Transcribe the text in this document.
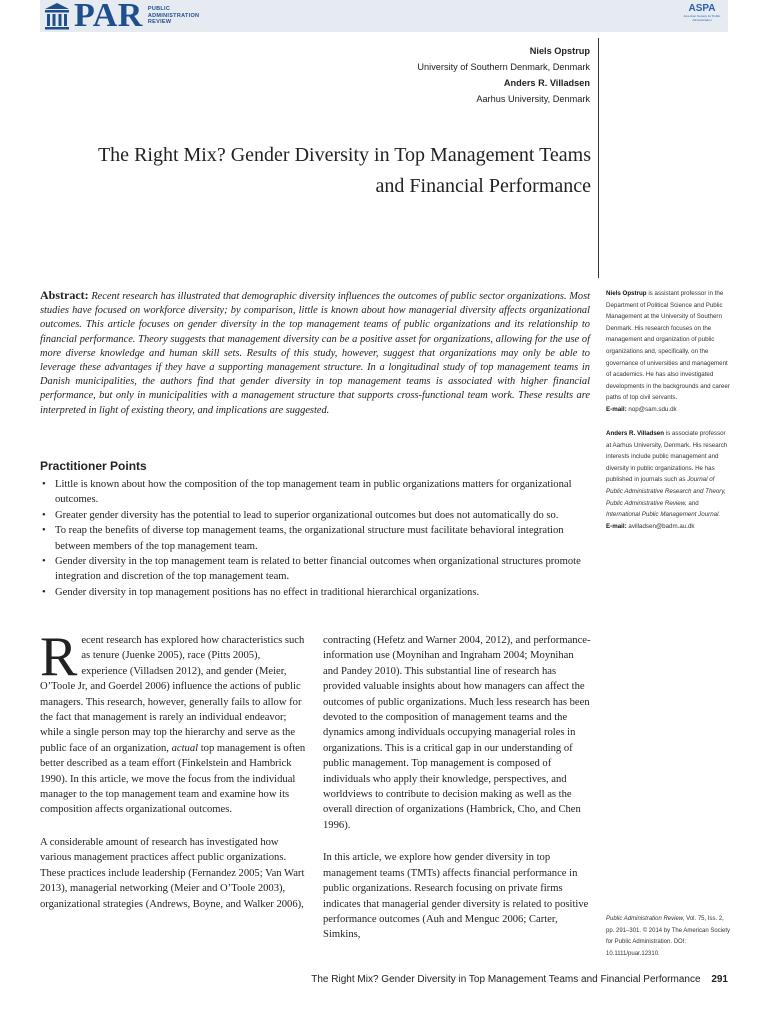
PAR PUBLIC
ADMINISTRATION
REVIEW
ASPA
American Society for Public Administration
Niels Opstrup
University of Southern Denmark, Denmark
Anders R. Villadsen
Aarhus University, Denmark
The Right Mix? Gender Diversity in Top Management Teams and Financial Performance
Abstract: Recent research has illustrated that demographic diversity influences the outcomes of public sector organizations. Most studies have focused on workforce diversity; by comparison, little is known about how managerial diversity affects organizational outcomes. This article focuses on gender diversity in the top management teams of public organizations and its relationship to financial performance. Theory suggests that management diversity can be a positive asset for organizations, allowing for the use of more diverse knowledge and human skill sets. Results of this study, however, suggest that organizations may only be able to leverage these advantages if they have a supporting management structure. In a longitudinal study of top management teams in Danish municipalities, the authors find that gender diversity in top management teams is associated with higher financial performance, but only in municipalities with a management structure that supports cross-functional team work. These results are interpreted in light of existing theory, and implications are suggested.
Practitioner Points
• Little is known about how the composition of the top management team in public organizations matters for organizational outcomes.
• Greater gender diversity has the potential to lead to superior organizational outcomes but does not automatically do so.
• To reap the benefits of diverse top management teams, the organizational structure must facilitate behavioral integration between members of the top management team.
• Gender diversity in the top management team is related to better financial outcomes when organizational structures promote integration and discretion of the top management team.
• Gender diversity in top management positions has no effect in traditional hierarchical organizations.

Recent research has explored how characteristics such as tenure (Juenke 2005), race (Pitts 2005), experience (Villadsen 2012), and gender (Meier, O’Toole Jr, and Goerdel 2006) influence the actions of public managers. This research, however, generally fails to allow for the fact that management is rarely an individual endeavor; while a single person may top the hierarchy and serve as the public face of an organization, actual top management is often better described as a team effort (Finkelstein and Hambrick 1990). In this article, we move the focus from the individual manager to the top management team and examine how its composition affects organizational outcomes.

A considerable amount of research has investigated how various management practices affect public organizations. These practices include leadership (Fernandez 2005; Van Wart 2013), managerial networking (Meier and O’Toole 2003), organizational strategies (Andrews, Boyne, and Walker 2006),

contracting (Hefetz and Warner 2004, 2012), and performance-information use (Moynihan and Ingraham 2004; Moynihan and Pandey 2010). This substantial line of research has provided valuable insights about how managers can affect the outcomes of public organizations. Much less research has been devoted to the composition of management teams and the dynamics among individuals occupying managerial roles in organizations. This is a critical gap in our understanding of public management. Top management is composed of individuals who apply their knowledge, perspectives, and worldviews to contribute to decision making as well as the overall direction of organizations (Hambrick, Cho, and Chen 1996).

In this article, we explore how gender diversity in top management teams (TMTs) affects financial performance in public organizations. Research focusing on private firms indicates that managerial gender diversity is related to positive performance outcomes (Auh and Menguc 2006; Carter, Simkins,

Niels Opstrup is assistant professor in the Department of Political Science and Public Management at the University of Southern Denmark. His research focuses on the management and organization of public organizations and, specifically, on the governance of universities and management of academics. He has also investigated developments in the backgrounds and career paths of top civil servants.
E-mail: nop@sam.sdu.dk
Anders R. Villadsen is associate professor at Aarhus University, Denmark. His research interests include public management and diversity in public organizations. He has published in journals such as Journal of Public Administrative Research and Theory, Public Administrative Review, and International Public Management Journal.
E-mail: avilladsen@badm.au.dk
Public Administration Review, Vol. 75, Iss. 2, pp. 291–301. © 2014 by The American Society for Public Administration. DOI: 10.1111/puar.12310.
The Right Mix? Gender Diversity in Top Management Teams and Financial Performance 291
